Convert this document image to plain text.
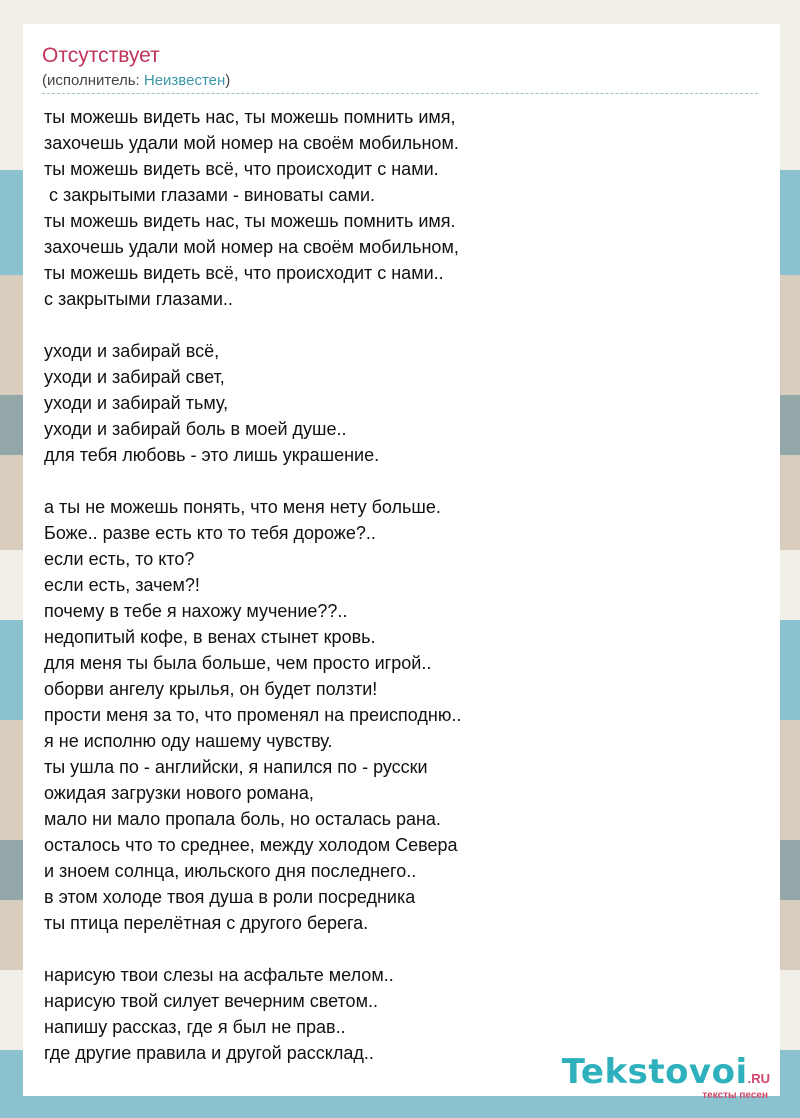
Отсутствует
(исполнитель: Неизвестен)
ты можешь видеть нас, ты можешь помнить имя,
захочешь удали мой номер на своём мобильном.
ты можешь видеть всё, что происходит с нами.
с закрытыми глазами - виноваты сами.
ты можешь видеть нас, ты можешь помнить имя.
захочешь удали мой номер на своём мобильном,
ты можешь видеть всё, что происходит с нами..
с закрытыми глазами..
уходи и забирай всё,
уходи и забирай свет,
уходи и забирай тьму,
уходи и забирай боль в моей душе..
для тебя любовь - это лишь украшение.
а ты не можешь понять, что меня нету больше.
Боже.. разве есть кто то тебя дороже?..
если есть, то кто?
если есть, зачем?!
почему в тебе я нахожу мучение??..
недопитый кофе, в венах стынет кровь.
для меня ты была больше, чем просто игрой..
оборви ангелу крылья, он будет ползти!
прости меня за то, что променял на преисподню..
я не исполню оду нашему чувству.
ты ушла по - английски, я напился по - русски
ожидая загрузки нового романа,
мало ни мало пропала боль, но осталась рана.
осталось что то среднее, между холодом Севера
и зноем солнца, июльского дня последнего..
в этом холоде твоя душа в роли посредника
ты птица перелётная с другого берега.
нарисую твои слезы на асфальте мелом..
нарисую твой силует вечерним светом..
напишу рассказ, где я был не прав..
где другие правила и другой рассклад..	Tekstovoi.RU
тексты песен
